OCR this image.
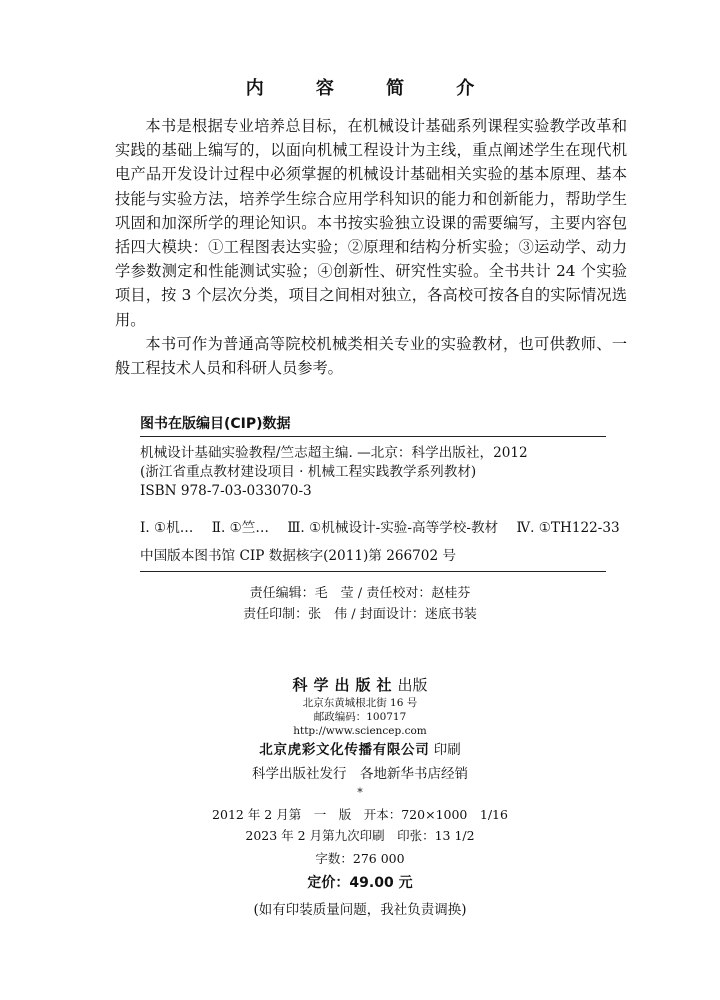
内　容　简　介

本书是根据专业培养总目标，在机械设计基础系列课程实验教学改革和实践的基础上编写的，以面向机械工程设计为主线，重点阐述学生在现代机电产品开发设计过程中必须掌握的机械设计基础相关实验的基本原理、基本技能与实验方法，培养学生综合应用学科知识的能力和创新能力，帮助学生巩固和加深所学的理论知识。本书按实验独立设课的需要编写，主要内容包括四大模块：①工程图表达实验；②原理和结构分析实验；③运动学、动力学参数测定和性能测试实验；④创新性、研究性实验。全书共计 24 个实验项目，按 3 个层次分类，项目之间相对独立，各高校可按各自的实际情况选用。

本书可作为普通高等院校机械类相关专业的实验教材，也可供教师、一般工程技术人员和科研人员参考。

图书在版编目(CIP)数据
机械设计基础实验教程/竺志超主编. —北京：科学出版社，2012
(浙江省重点教材建设项目 · 机械工程实践教学系列教材)
ISBN 978-7-03-033070-3
Ⅰ. ①机… Ⅱ. ①竺… Ⅲ. ①机械设计-实验-高等学校-教材 Ⅳ. ①TH122-33
中国版本图书馆 CIP 数据核字(2011)第 266702 号
责任编辑：毛　莹 / 责任校对：赵桂芬
责任印制：张　伟 / 封面设计：迷底书装
科学出版社出版
北京东黄城根北街 16 号
邮政编码：100717
http://www.sciencep.com
北京虎彩文化传播有限公司 印刷
科学出版社发行　各地新华书店经销
*
2012 年 2 月第　一　版　开本：720×1000　1/16
2023 年 2 月第九次印刷　印张：13 1/2
字数：276 000
定价：49.00 元
(如有印装质量问题，我社负责调换)
